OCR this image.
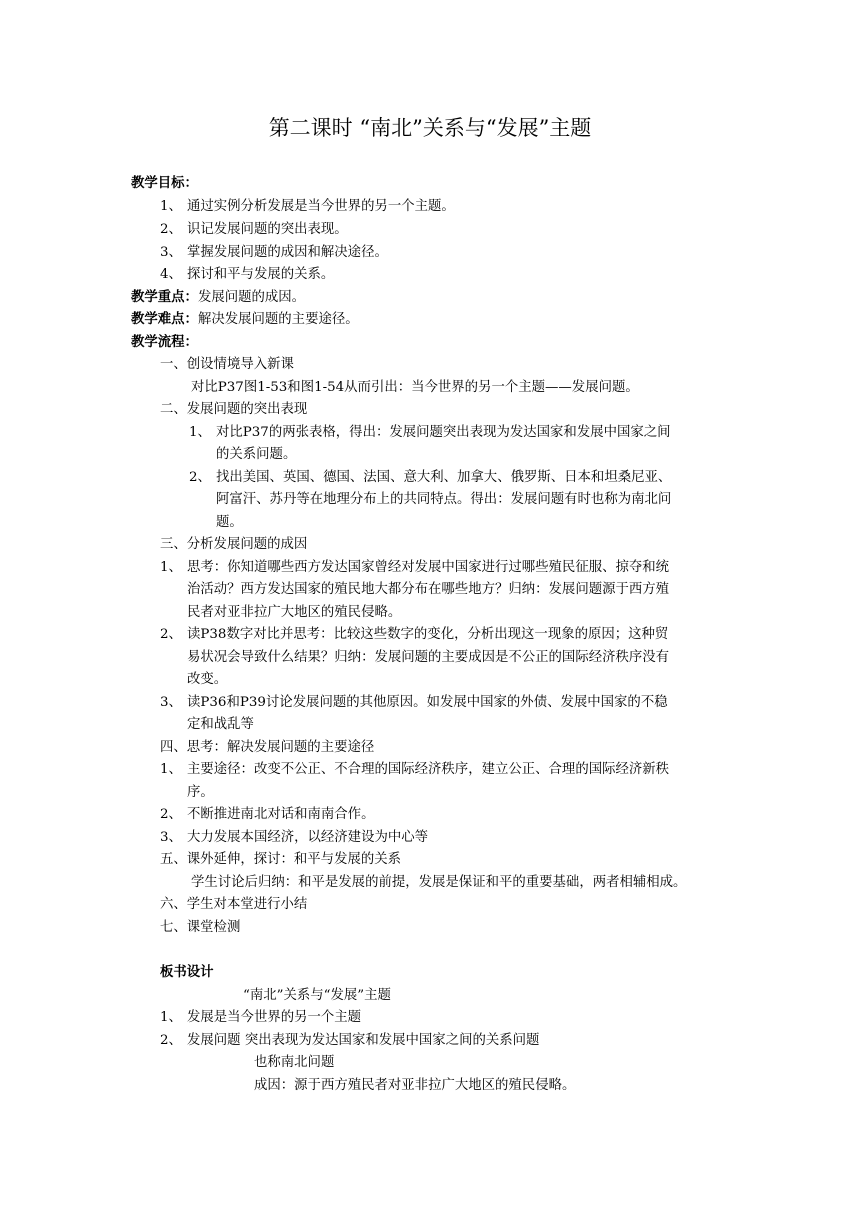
第二课时 “南北”关系与“发展”主题
教学目标：
1、 通过实例分析发展是当今世界的另一个主题。
2、 识记发展问题的突出表现。
3、 掌握发展问题的成因和解决途径。
4、 探讨和平与发展的关系。
教学重点：发展问题的成因。
教学难点：解决发展问题的主要途径。
教学流程：
一、创设情境导入新课
对比P37图1-53和图1-54从而引出：当今世界的另一个主题——发展问题。
二、发展问题的突出表现
1、 对比P37的两张表格，得出：发展问题突出表现为发达国家和发展中国家之间
的关系问题。
2、 找出美国、英国、德国、法国、意大利、加拿大、俄罗斯、日本和坦桑尼亚、
阿富汗、苏丹等在地理分布上的共同特点。得出：发展问题有时也称为南北问
题。
三、分析发展问题的成因
1、 思考：你知道哪些西方发达国家曾经对发展中国家进行过哪些殖民征服、掠夺和统
治活动？西方发达国家的殖民地大都分布在哪些地方？归纳：发展问题源于西方殖
民者对亚非拉广大地区的殖民侵略。
2、 读P38数字对比并思考：比较这些数字的变化，分析出现这一现象的原因；这种贸
易状况会导致什么结果？归纳：发展问题的主要成因是不公正的国际经济秩序没有
改变。
3、 读P36和P39讨论发展问题的其他原因。如发展中国家的外债、发展中国家的不稳
定和战乱等
四、思考：解决发展问题的主要途径
1、 主要途径：改变不公正、不合理的国际经济秩序，建立公正、合理的国际经济新秩
序。
2、 不断推进南北对话和南南合作。
3、 大力发展本国经济，以经济建设为中心等
五、课外延伸，探讨：和平与发展的关系
学生讨论后归纳：和平是发展的前提，发展是保证和平的重要基础，两者相辅相成。
六、学生对本堂进行小结
七、课堂检测
板书设计
“南北”关系与“发展”主题
1、 发展是当今世界的另一个主题
2、 发展问题 突出表现为发达国家和发展中国家之间的关系问题
也称南北问题
成因：源于西方殖民者对亚非拉广大地区的殖民侵略。
